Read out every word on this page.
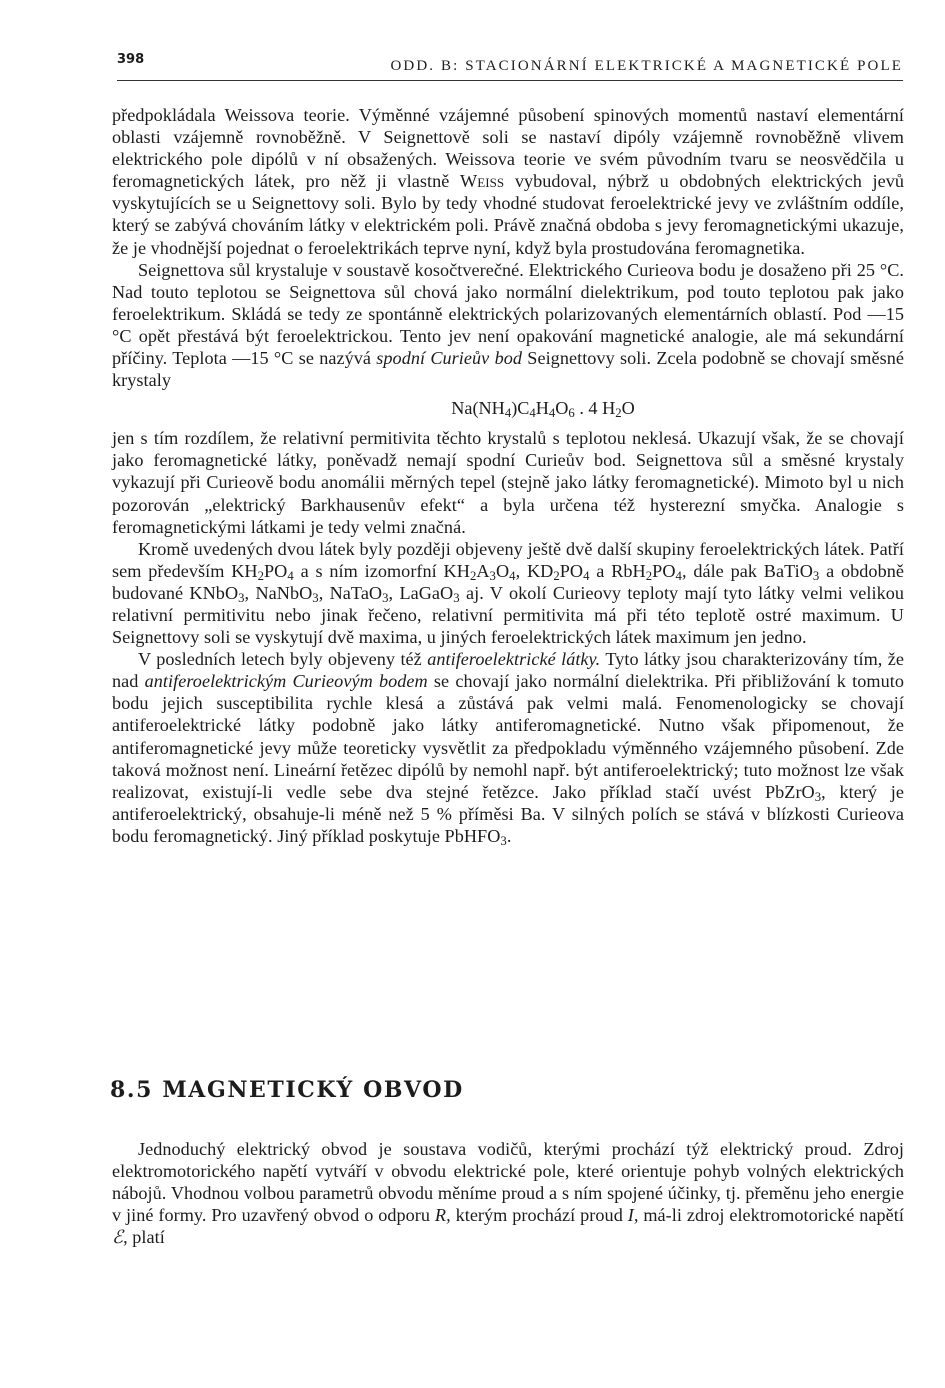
398	ODD. B: STACIONÁRNÍ ELEKTRICKÉ A MAGNETICKÉ POLE

předpokládala Weissova teorie. Výměnné vzájemné působení spinových momentů nastaví elementární oblasti vzájemně rovnoběžně. V Seignettově soli se nastaví dipóly vzájemně rovnoběžně vlivem elektrického pole dipólů v ní obsažených. Weissova teorie ve svém původním tvaru se neosvědčila u feromagnetických látek, pro něž ji vlastně Weiss vybudoval, nýbrž u obdobných elektrických jevů vyskytujících se u Seignettovy soli. Bylo by tedy vhodné studovat feroelektrické jevy ve zvláštním oddíle, který se zabývá chováním látky v elektrickém poli. Právě značná obdoba s jevy feromagnetickými ukazuje, že je vhodnější pojednat o feroelektrikách teprve nyní, když byla prostudována feromagnetika.

Seignettova sůl krystaluje v soustavě kosočtverečné. Elektrického Curieova bodu je dosaženo při 25 °C. Nad touto teplotou se Seignettova sůl chová jako normální dielektrikum, pod touto teplotou pak jako feroelektrikum. Skládá se tedy ze spontánně elektrických polarizovaných elementárních oblastí. Pod —15 °C opět přestává být feroelektrickou. Tento jev není opakování magnetické analogie, ale má sekundární příčiny. Teplota —15 °C se nazývá spodní Curieův bod Seignettovy soli. Zcela podobně se chovají směsné krystaly

$Na(NH_4)C_4H_4O_6$ . 4 $H_2O$

jen s tím rozdílem, že relativní permitivita těchto krystalů s teplotou neklesá. Ukazují však, že se chovají jako feromagnetické látky, poněvadž nemají spodní Curieův bod. Seignettova sůl a směsné krystaly vykazují při Curieově bodu anomálii měrných tepel (stejně jako látky feromagnetické). Mimoto byl u nich pozorován „elektrický Barkhausenův efekt“ a byla určena též hysterezní smyčka. Analogie s feromagnetickými látkami je tedy velmi značná.

Kromě uvedených dvou látek byly později objeveny ještě dvě další skupiny feroelektrických látek. Patří sem především $KH_2PO_4$ a s ním izomorfní $KH_2A_3O_4$, $KD_2PO_4$ a $RbH_2PO_4$, dále pak BaTiO$_3$ a obdobně budované KNbO$_3$, NaNbO$_3$, NaTaO$_3$, LaGaO$_3$ aj. V okolí Curieovy teploty mají tyto látky velmi velikou relativní permitivitu nebo jinak řečeno, relativní permitivita má při této teplotě ostré maximum. U Seignettovy soli se vyskytují dvě maxima, u jiných feroelektrických látek maximum jen jedno.

V posledních letech byly objeveny též antiferoelektrické látky. Tyto látky jsou charakterizovány tím, že nad antiferoelektrickým Curieovým bodem se chovají jako normální dielektrika. Při přibližování k tomuto bodu jejich susceptibilita rychle klesá a zůstává pak velmi malá. Fenomenologicky se chovají antiferoelektrické látky podobně jako látky antiferomagnetické. Nutno však připomenout, že antiferomagnetické jevy může teoreticky vysvětlit za předpokladu výměnného vzájemného působení. Zde taková možnost není. Lineární řetězec dipólů by nemohl např. být antiferoelektrický; tuto možnost lze však realizovat, existují-li vedle sebe dva stejné řetězce. Jako příklad stačí uvést PbZrO$_3$, který je antiferoelektrický, obsahuje-li méně než 5 % příměsi Ba. V silných polích se stává v blízkosti Curieova bodu feromagnetický. Jiný příklad poskytuje PbHFO$_3$.

8.5 MAGNETICKÝ OBVOD

Jednoduchý elektrický obvod je soustava vodičů, kterými prochází týž elektrický proud. Zdroj elektromotorického napětí vytváří v obvodu elektrické pole, které orientuje pohyb volných elektrických nábojů. Vhodnou volbou parametrů obvodu měníme proud a s ním spojené účinky, tj. přeměnu jeho energie v jiné formy. Pro uzavřený obvod o odporu R, kterým prochází proud I, má-li zdroj elektromotorické napětí ℰ, platí
